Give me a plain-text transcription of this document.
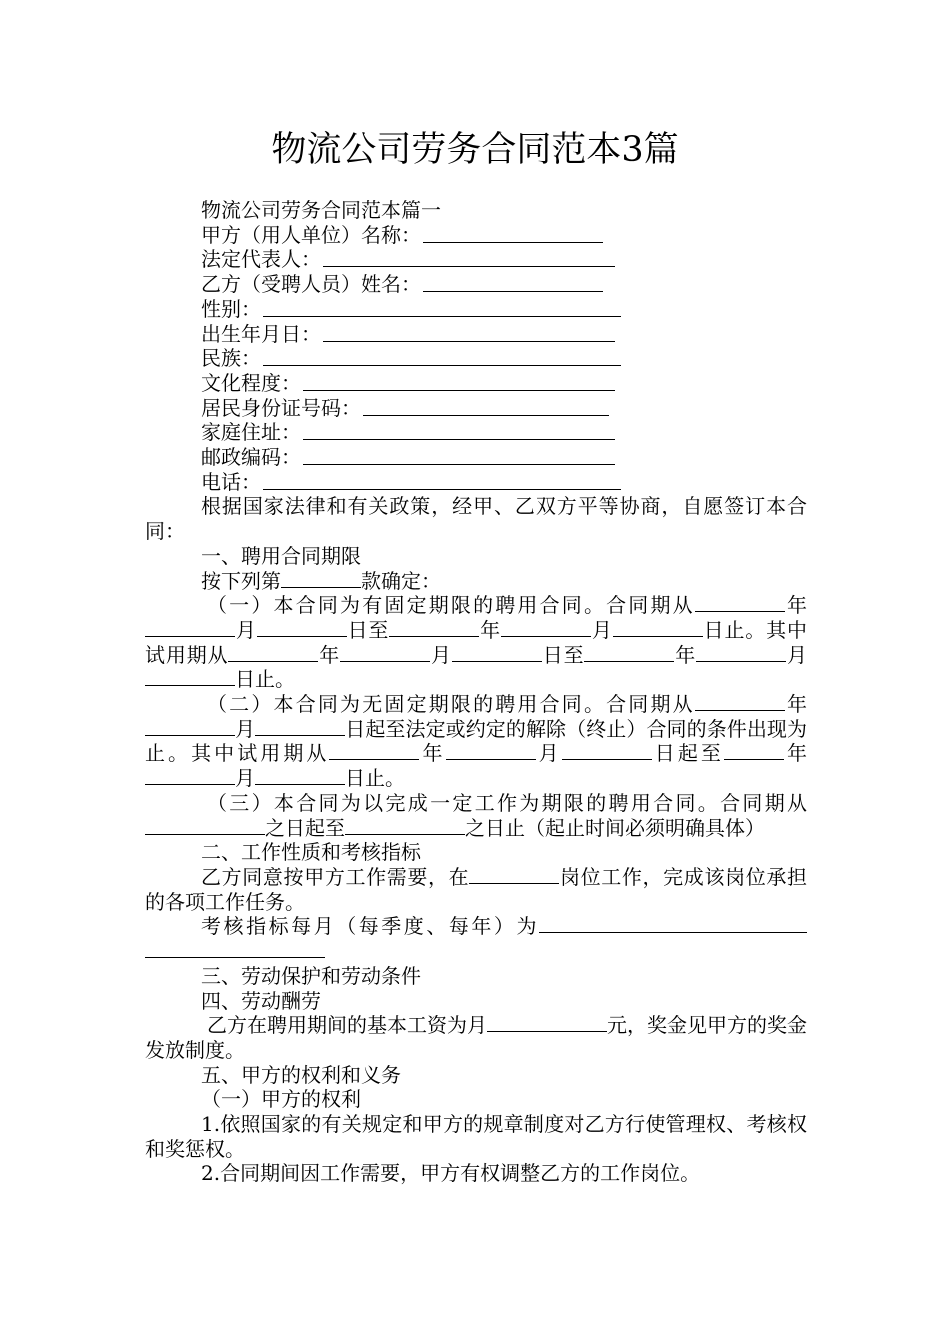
物流公司劳务合同范本3篇

物流公司劳务合同范本篇一

甲方（用人单位）名称：
法定代表人：
乙方（受聘人员）姓名：
性别：
出生年月日：
民族：
文化程度：
居民身份证号码：
家庭住址：
邮政编码：
电话：

根据国家法律和有关政策，经甲、乙双方平等协商，自愿签订本合同：

一、聘用合同期限

按下列第	款确定：

（一）本合同为有固定期限的聘用合同。合同期从	年月	日至	年	月	日止。其中试用期从	年	月	日至	年	月日止。

（二）本合同为无固定期限的聘用合同。合同期从	年月	日起至法定或约定的解除（终止）合同的条件出现为止。其中试用期从	年	月	日起至	年月	日止。

（三）本合同为以完成一定工作为期限的聘用合同。合同期从之日起至	之日止（起止时间必须明确具体）

二、工作性质和考核指标

乙方同意按甲方工作需要，在	岗位工作，完成该岗位承担的各项工作任务。

考核指标每月（每季度、每年）为

三、劳动保护和劳动条件

四、劳动酬劳

乙方在聘用期间的基本工资为月	元，奖金见甲方的奖金发放制度。

五、甲方的权利和义务

（一）甲方的权利

1.依照国家的有关规定和甲方的规章制度对乙方行使管理权、考核权和奖惩权。

2.合同期间因工作需要，甲方有权调整乙方的工作岗位。
